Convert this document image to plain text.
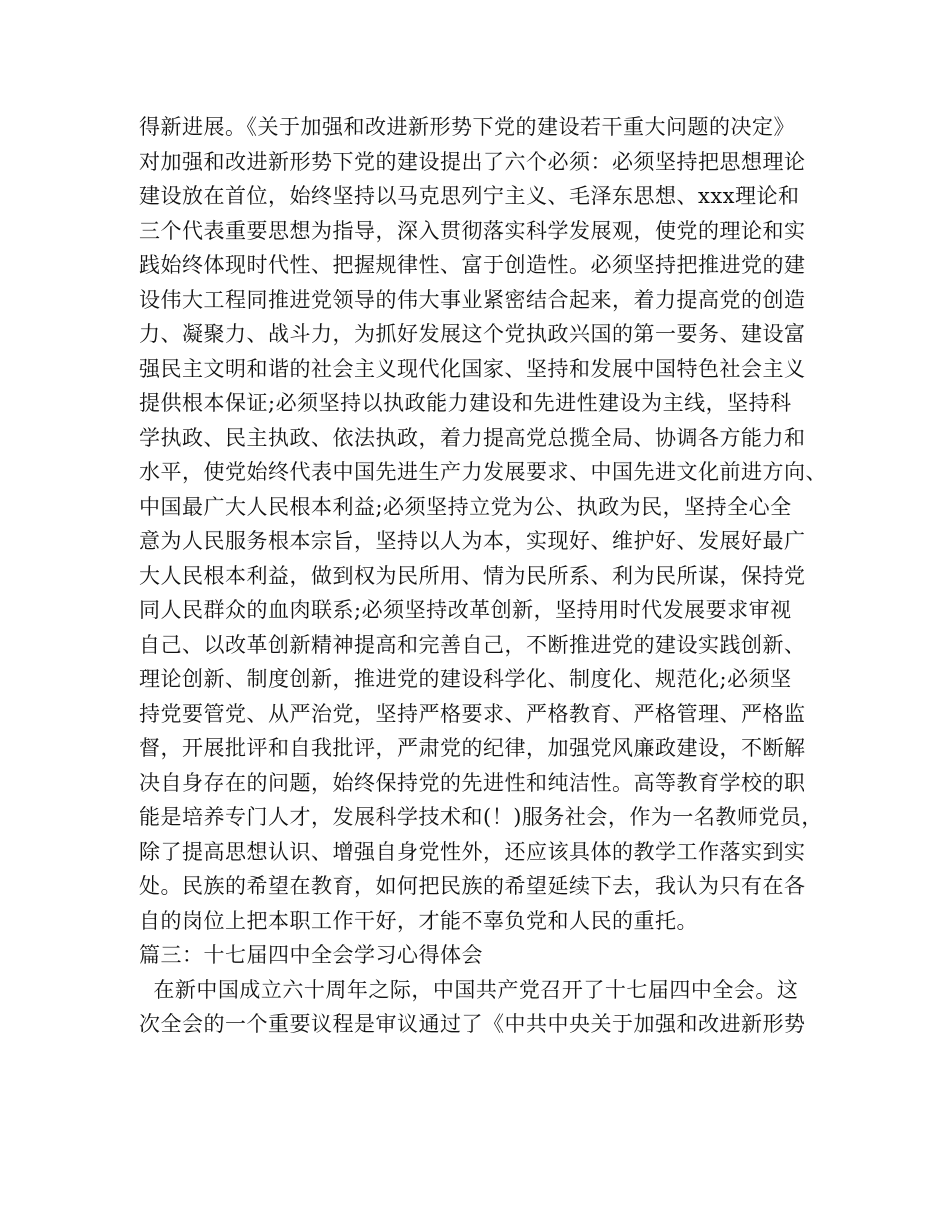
得新进展。《关于加强和改进新形势下党的建设若干重大问题的决定》
对加强和改进新形势下党的建设提出了六个必须：必须坚持把思想理论
建设放在首位，始终坚持以马克思列宁主义、毛泽东思想、xxx理论和
三个代表重要思想为指导，深入贯彻落实科学发展观，使党的理论和实
践始终体现时代性、把握规律性、富于创造性。必须坚持把推进党的建
设伟大工程同推进党领导的伟大事业紧密结合起来，着力提高党的创造
力、凝聚力、战斗力，为抓好发展这个党执政兴国的第一要务、建设富
强民主文明和谐的社会主义现代化国家、坚持和发展中国特色社会主义
提供根本保证;必须坚持以执政能力建设和先进性建设为主线，坚持科
学执政、民主执政、依法执政，着力提高党总揽全局、协调各方能力和
水平，使党始终代表中国先进生产力发展要求、中国先进文化前进方向、
中国最广大人民根本利益;必须坚持立党为公、执政为民，坚持全心全
意为人民服务根本宗旨，坚持以人为本，实现好、维护好、发展好最广
大人民根本利益，做到权为民所用、情为民所系、利为民所谋，保持党
同人民群众的血肉联系;必须坚持改革创新，坚持用时代发展要求审视
自己、以改革创新精神提高和完善自己，不断推进党的建设实践创新、
理论创新、制度创新，推进党的建设科学化、制度化、规范化;必须坚
持党要管党、从严治党，坚持严格要求、严格教育、严格管理、严格监
督，开展批评和自我批评，严肃党的纪律，加强党风廉政建设，不断解
决自身存在的问题，始终保持党的先进性和纯洁性。高等教育学校的职
能是培养专门人才，发展科学技术和(！)服务社会，作为一名教师党员，
除了提高思想认识、增强自身党性外，还应该具体的教学工作落实到实
处。民族的希望在教育，如何把民族的希望延续下去，我认为只有在各
自的岗位上把本职工作干好，才能不辜负党和人民的重托。
篇三：十七届四中全会学习心得体会
在新中国成立六十周年之际，中国共产党召开了十七届四中全会。这
次全会的一个重要议程是审议通过了《中共中央关于加强和改进新形势
